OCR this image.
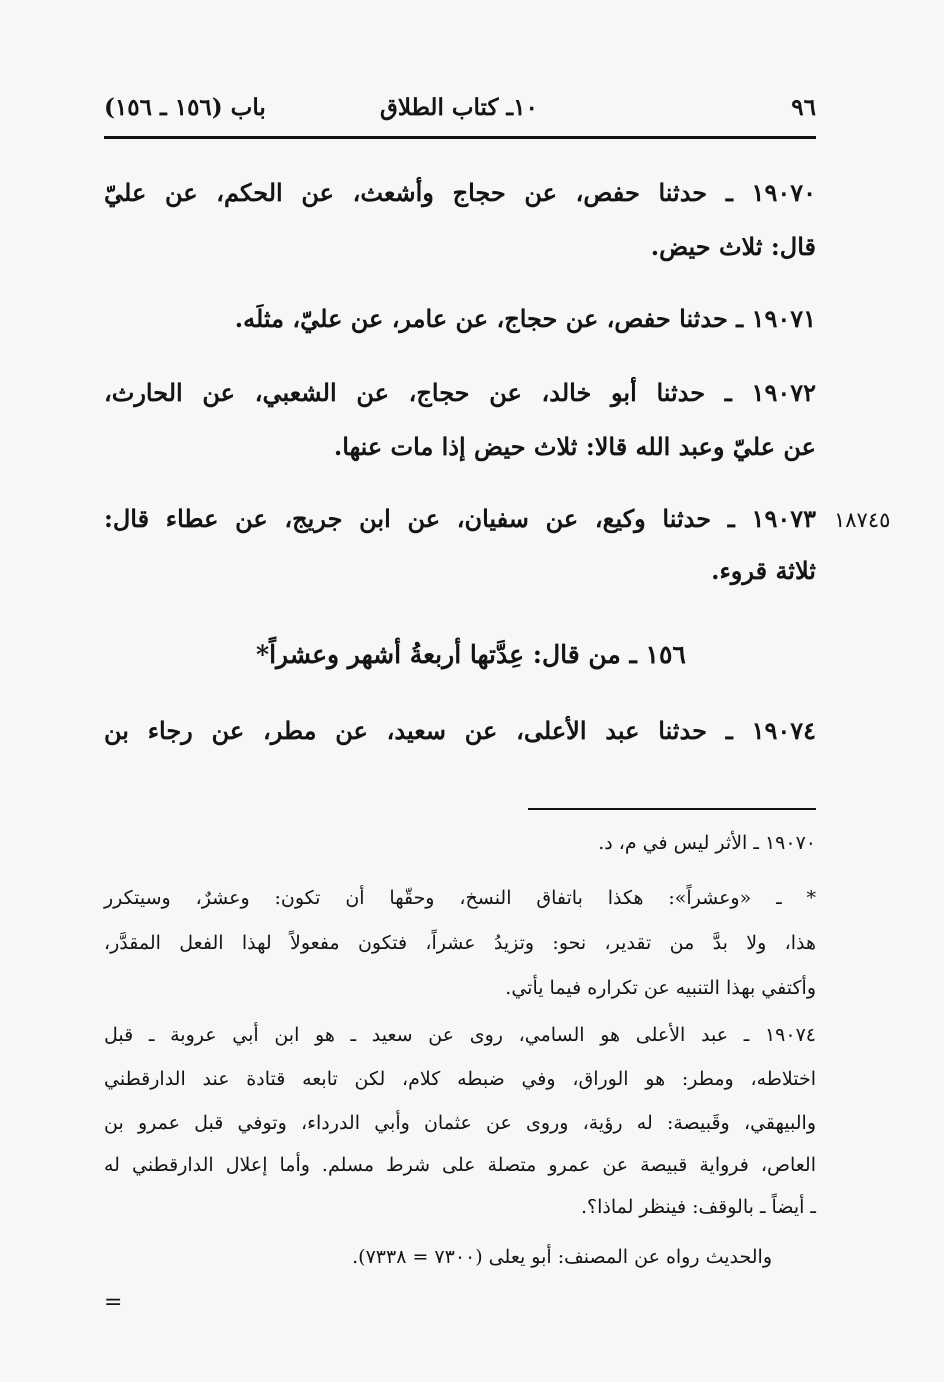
٩٦
١٠ـ كتاب الطلاق
باب (١٥٦ ـ ١٥٦)
١٩٠٧٠ ـ حدثنا حفص، عن حجاج وأشعث، عن الحكم، عن عليّ
قال: ثلاث حيض.
١٩٠٧١ ـ حدثنا حفص، عن حجاج، عن عامر، عن عليّ، مثلَه.
١٩٠٧٢ ـ حدثنا أبو خالد، عن حجاج، عن الشعبي، عن الحارث،
عن عليّ وعبد الله قالا: ثلاث حيض إذا مات عنها.
١٨٧٤٥
١٩٠٧٣ ـ حدثنا وكيع، عن سفيان، عن ابن جريج، عن عطاء قال:
ثلاثة قروء.
١٥٦ ـ من قال: عِدَّتها أربعةُ أشهر وعشراً*
١٩٠٧٤ ـ حدثنا عبد الأعلى، عن سعيد، عن مطر، عن رجاء بن
١٩٠٧٠ ـ الأثر ليس في م، د.
* ـ «وعشراً»: هكذا باتفاق النسخ، وحقّها أن تكون: وعشرٌ، وسيتكرر
هذا، ولا بدَّ من تقدير، نحو: وتزيدُ عشراً، فتكون مفعولاً لهذا الفعل المقدَّر،
وأكتفي بهذا التنبيه عن تكراره فيما يأتي.
١٩٠٧٤ ـ عبد الأعلى هو السامي، روى عن سعيد ـ هو ابن أبي عروبة ـ قبل
اختلاطه، ومطر: هو الوراق، وفي ضبطه كلام، لكن تابعه قتادة عند الدارقطني
والبيهقي، وقَبيصة: له رؤية، وروى عن عثمان وأبي الدرداء، وتوفي قبل عمرو بن
العاص، فرواية قبيصة عن عمرو متصلة على شرط مسلم. وأما إعلال الدارقطني له
ـ أيضاً ـ بالوقف: فينظر لماذا؟.
والحديث رواه عن المصنف: أبو يعلى (٧٣٠٠ = ٧٣٣٨).
=
